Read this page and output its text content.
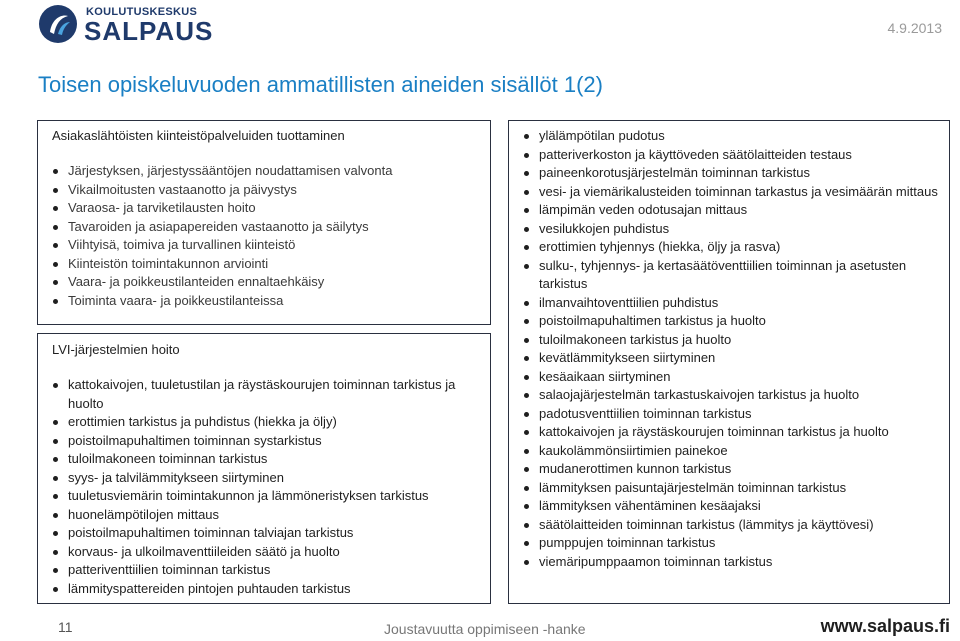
KOULUTUSKESKUS
SALPAUS	4.9.2013
Toisen opiskeluvuoden ammatillisten aineiden sisällöt 1(2)
Asiakaslähtöisten kiinteistöpalveluiden tuottaminen
Järjestyksen, järjestyssääntöjen noudattamisen valvonta
Vikailmoitusten vastaanotto ja päivystys
Varaosa- ja tarviketilausten hoito
Tavaroiden ja asiapapereiden vastaanotto ja säilytys
Viihtyisä, toimiva ja turvallinen kiinteistö
Kiinteistön toimintakunnon arviointi
Vaara- ja poikkeustilanteiden ennaltaehkäisy
Toiminta vaara- ja poikkeustilanteissa
LVI-järjestelmien hoito
kattokaivojen, tuuletustilan ja räystäskourujen toiminnan tarkistus ja huolto
erottimien tarkistus ja puhdistus (hiekka ja öljy)
poistoilmapuhaltimen toiminnan systarkistus
tuloilmakoneen toiminnan tarkistus
syys- ja talvilämmitykseen siirtyminen
tuuletusviemärin toimintakunnon ja lämmöneristyksen tarkistus
huonelämpötilojen mittaus
poistoilmapuhaltimen toiminnan talviajan tarkistus
korvaus- ja ulkoilmaventtiileiden säätö ja huolto
patteriventtiilien toiminnan tarkistus
lämmityspattereiden pintojen puhtauden tarkistus
ylälämpötilan pudotus
patteriverkoston ja käyttöveden säätölaitteiden testaus
paineenkorotusjärjestelmän toiminnan tarkistus
vesi- ja viemärikalusteiden toiminnan tarkastus ja vesimäärän mittaus
lämpimän veden odotusajan mittaus
vesilukkojen puhdistus
erottimien tyhjennys (hiekka, öljy ja rasva)
sulku-, tyhjennys- ja kertasäätöventtiilien toiminnan ja asetusten tarkistus
ilmanvaihtoventtiilien puhdistus
poistoilmapuhaltimen tarkistus ja huolto
tuloilmakoneen tarkistus ja huolto
kevätlämmitykseen siirtyminen
kesäaikaan siirtyminen
salaojajärjestelmän tarkastuskaivojen tarkistus ja huolto
padotusventtiilien toiminnan tarkistus
kattokaivojen ja räystäskourujen toiminnan tarkistus ja huolto
kaukolämmönsiirtimien painekoe
mudanerottimen kunnon tarkistus
lämmityksen paisuntajärjestelmän toiminnan tarkistus
lämmityksen vähentäminen kesäajaksi
säätölaitteiden toiminnan tarkistus (lämmitys ja käyttövesi)
pumppujen toiminnan tarkistus
viemäripumppaamon toiminnan tarkistus
11	Joustavuutta oppimiseen -hanke	www.salpaus.fi
